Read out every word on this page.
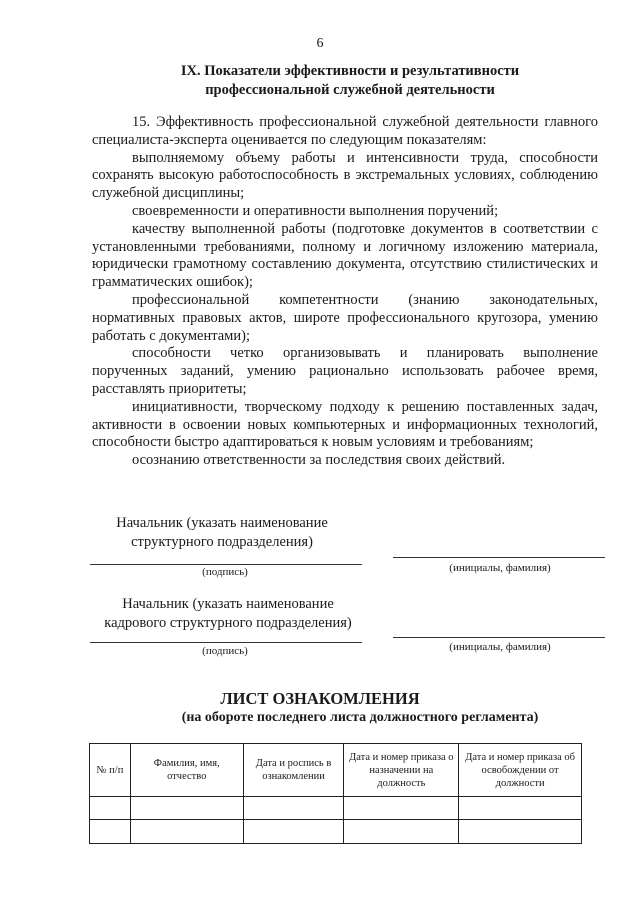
6
IX. Показатели эффективности и результативности
профессиональной служебной деятельности

15. Эффективность профессиональной служебной деятельности главного специалиста-эксперта оценивается по следующим показателям:

выполняемому объему работы и интенсивности труда, способности сохранять высокую работоспособность в экстремальных условиях, соблюдению служебной дисциплины;

своевременности и оперативности выполнения поручений;

качеству выполненной работы (подготовке документов в соответствии с установленными требованиями, полному и логичному изложению материала, юридически грамотному составлению документа, отсутствию стилистических и грамматических ошибок);

профессиональной компетентности (знанию законодательных, нормативных правовых актов, широте профессионального кругозора, умению работать с документами);

способности четко организовывать и планировать выполнение порученных заданий, умению рационально использовать рабочее время, расставлять приоритеты;

инициативности, творческому подходу к решению поставленных задач, активности в освоении новых компьютерных и информационных технологий, способности быстро адаптироваться к новым условиям и требованиям;

осознанию ответственности за последствия своих действий.

Начальник (указать наименование
структурного подразделения)
(подпись)	(инициалы, фамилия)
Начальник (указать наименование
кадрового структурного подразделения)
(подпись)	(инициалы, фамилия)
ЛИСТ ОЗНАКОМЛЕНИЯ
(на обороте последнего листа должностного регламента)
№ п/п	Фамилия, имя, отчество	Дата и роспись в ознакомлении	Дата и номер приказа о назначении на должность	Дата и номер приказа об освобождении от должности
